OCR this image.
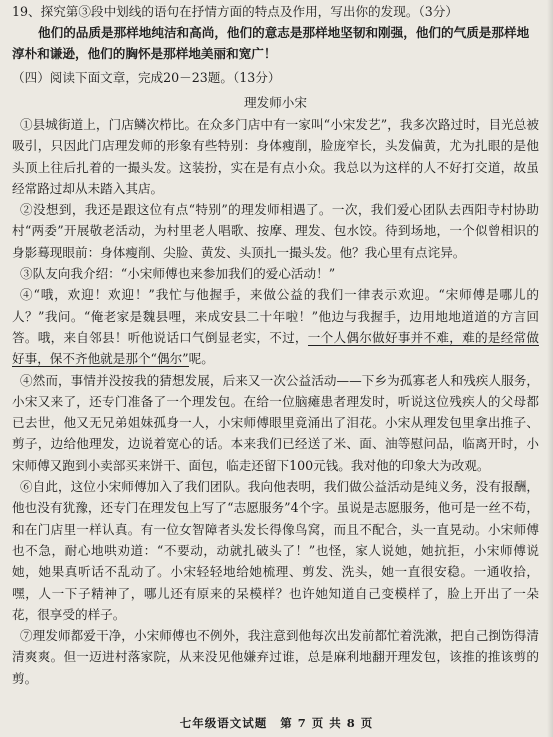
19、探究第③段中划线的语句在抒情方面的特点及作用，写出你的发现。（3分）

他们的品质是那样地纯洁和高尚，他们的意志是那样地坚韧和刚强，他们的气质是那样地淳朴和谦逊，他们的胸怀是那样地美丽和宽广！

（四）阅读下面文章，完成20－23题。（13分）

理发师小宋

①县城街道上，门店鳞次栉比。在众多门店中有一家叫“小宋发艺”，我多次路过时，目光总被吸引，只因此门店理发师的形象有些特别：身体瘦削，脸庞窄长，头发偏黄，尤为扎眼的是他头顶上往后扎着的一撮头发。这装扮，实在是有点小众。我总以为这样的人不好打交道，故虽经常路过却从未踏入其店。

②没想到，我还是跟这位有点“特别”的理发师相遇了。一次，我们爱心团队去西阳寺村协助村“两委”开展敬老活动，为村里老人唱歌、按摩、理发、包水饺。待到场地，一个似曾相识的身影蓦现眼前：身体瘦削、尖脸、黄发、头顶扎一撮头发。他？我心里有点诧异。

③队友向我介绍：“小宋师傅也来参加我们的爱心活动！”

④“哦，欢迎！欢迎！”我忙与他握手，来做公益的我们一律表示欢迎。“宋师傅是哪儿的人？”我问。“俺老家是魏县哩，来成安县二十年啦！”他边与我握手，边用地地道道的方言回答。哦，来自邻县！听他说话口气倒显老实，不过，一个人偶尔做好事并不难，难的是经常做好事，保不齐他就是那个“偶尔”呢。

④然而，事情并没按我的猜想发展，后来又一次公益活动——下乡为孤寡老人和残疾人服务，小宋又来了，还专门准备了一个理发包。在给一位脑瘫患者理发时，听说这位残疾人的父母都已去世，他又无兄弟姐妹孤身一人，小宋师傅眼里竟涌出了泪花。小宋从理发包里拿出推子、剪子，边给他理发，边说着宽心的话。本来我们已经送了米、面、油等慰问品，临离开时，小宋师傅又跑到小卖部买来饼干、面包，临走还留下100元钱。我对他的印象大为改观。

⑥自此，这位小宋师傅加入了我们团队。我向他表明，我们做公益活动是纯义务，没有报酬，他也没有犹豫，还专门在理发包上写了“志愿服务”4个字。虽说是志愿服务，他可是一丝不苟，和在门店里一样认真。有一位女智障者头发长得像鸟窝，而且不配合，头一直晃动。小宋师傅也不急，耐心地哄劝道：“不要动，动就扎破头了！”也怪，家人说她，她抗拒，小宋师傅说她，她果真听话不乱动了。小宋轻轻地给她梳理、剪发、洗头，她一直很安稳。一通收拾，嘿，人一下子精神了，哪儿还有原来的呆模样？也许她知道自己变模样了，脸上开出了一朵花，很享受的样子。

⑦理发师都爱干净，小宋师傅也不例外，我注意到他每次出发前都忙着洗漱，把自己捯饬得清清爽爽。但一迈进村落家院，从来没见他嫌弃过谁，总是麻利地翻开理发包，该推的推该剪的剪。

七年级语文试题 第 7 页 共 8 页
